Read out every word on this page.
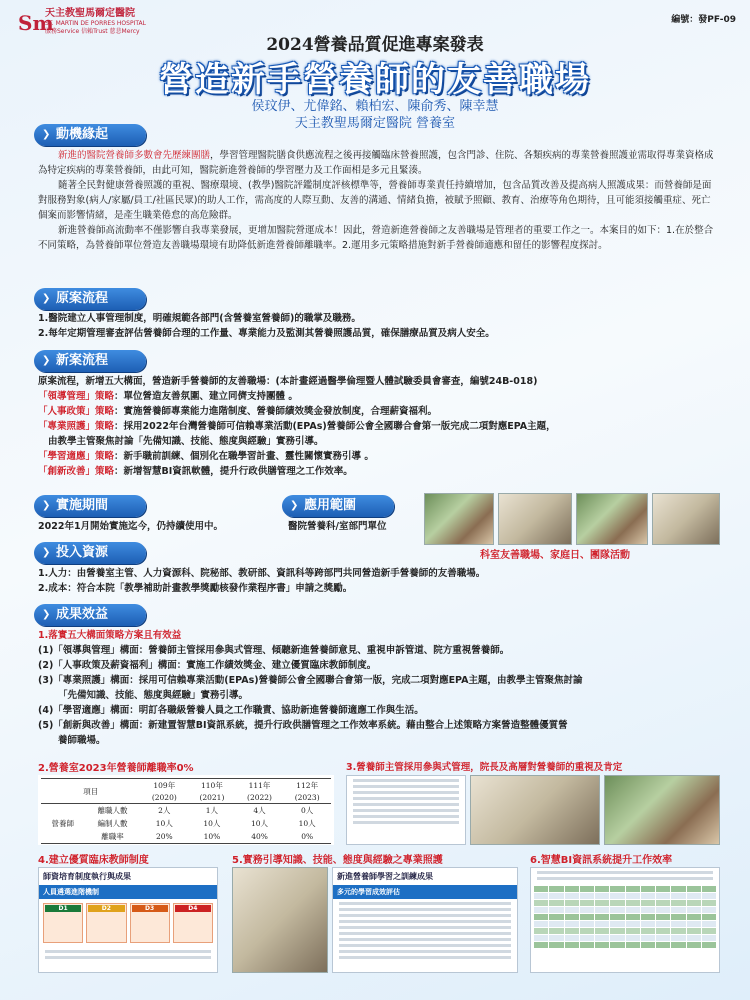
Sm
天主教聖馬爾定醫院
ST. MARTIN DE PORRES HOSPITAL
服務Service 信賴Trust 慈悲Mercy
編號：發PF-09
2024營養品質促進專案發表
營造新手營養師的友善職場
侯玟伊、尤偉銘、賴柏宏、陳俞秀、陳幸慧
天主教聖馬爾定醫院 營養室
❯ 動機緣起
新進的醫院營養師多數會先歷練團膳，學習管理醫院膳食供應流程之後再接觸臨床營養照護，包含門診、住院、各類疾病的專業營養照護並需取得專業資格成為特定疾病的專業營養師，由此可知，醫院新進營養師的學習壓力及工作面相是多元且緊湊。
隨著全民對健康營養照護的重視、醫療環境、(教學)醫院評鑑制度評核標準等，營養師專業責任持續增加，包含品質改善及提高病人照護成果：而營養師是面對服務對象(病人/家屬/員工/社區民眾)的助人工作，需高度的人際互動、友善的溝通、情緒負擔，被賦予照顧、教育、治療等角色期待，且可能須接觸重症、死亡個案而影響情緒，是產生職業倦怠的高危險群。
新進營養師高流動率不僅影響自我專業發展，更增加醫院營運成本！因此，營造新進營養師之友善職場是管理者的重要工作之一。本案目的如下：1.在於整合不同策略，為營養師單位營造友善職場環境有助降低新進營養師離職率。2.運用多元策略措施對新手營養師適應和留任的影響程度探討。
❯ 原案流程
1.醫院建立人事管理制度，明確規範各部門(含營養室營養師)的職掌及職務。
2.每年定期管理審查評估營養師合理的工作量、專業能力及監測其營養照護品質，確保膳療品質及病人安全。
❯ 新案流程
原案流程，新增五大構面，營造新手營養師的友善職場：(本計畫經過醫學倫理暨人體試驗委員會審查，編號24B-018)
「領導管理」策略：單位營造友善氛圍、建立同儕支持團體 。
「人事政策」策略：實施營養師專業能力進階制度、營養師績效獎金發放制度，合理薪資福利。
「專業照護」策略：採用2022年台灣營養師可信賴專業活動(EPAs)營養師公會全國聯合會第一版完成二項對應EPA主題，
由教學主管聚焦討論「先備知識、技能、態度與經驗」實務引導。
「學習適應」策略：新手職前訓練、個別化在職學習計畫、靈性關懷實務引導 。
「創新改善」策略：新增智慧BI資訊軟體，提升行政供膳管理之工作效率。
❯ 實施期間
2022年1月開始實施迄今，仍持續使用中。
❯ 應用範圍
醫院營養科/室部門單位
科室友善職場、家庭日、團隊活動
❯ 投入資源
1.人力：由營養室主管、人力資源科、院秘部、教研部、資訊科等跨部門共同營造新手營養師的友善職場。
2.成本：符合本院「教學補助計畫教學獎勵核發作業程序書」申請之獎勵。
❯ 成果效益
1.落實五大構面策略方案且有效益
(1)「領導與管理」構面：營養師主管採用參與式管理、傾聽新進營養師意見、重視申訴管道、院方重視營養師。
(2)「人事政策及薪資福利」構面：實施工作績效獎金、建立優質臨床教師制度。
(3)「專業照護」構面：採用可信賴專業活動(EPAs)營養師公會全國聯合會第一版，完成二項對應EPA主題，由教學主管聚焦討論
「先備知識、技能、態度與經驗」實務引導。
(4)「學習適應」構面：明訂各職級營養人員之工作職責、協助新進營養師適應工作與生活。
(5)「創新與改善」構面：新建置智慧BI資訊系統，提升行政供膳管理之工作效率系統。藉由整合上述策略方案營造整體優質營
養師職場。
2.營養室2023年營養師離職率0%
項目		109年	110年	111年	112年
		(2020)	(2021)	(2022)	(2023)
營養師	離職人數	2人	1人	4人	0人
	編制人數	10人	10人	10人	10人
	離職率	20%	10%	40%	0%

3.營養師主管採用參與式管理，院長及高層對營養師的重視及肯定
4.建立優質臨床教師制度
師資培育制度執行與成果
人員遴選進階機制
D1	D2	D3	D4
5.實務引導知識、技能、態度與經驗之專業照護
新進營養師學習之訓練成果
多元的學習成效評估
6.智慧BI資訊系統提升工作效率
